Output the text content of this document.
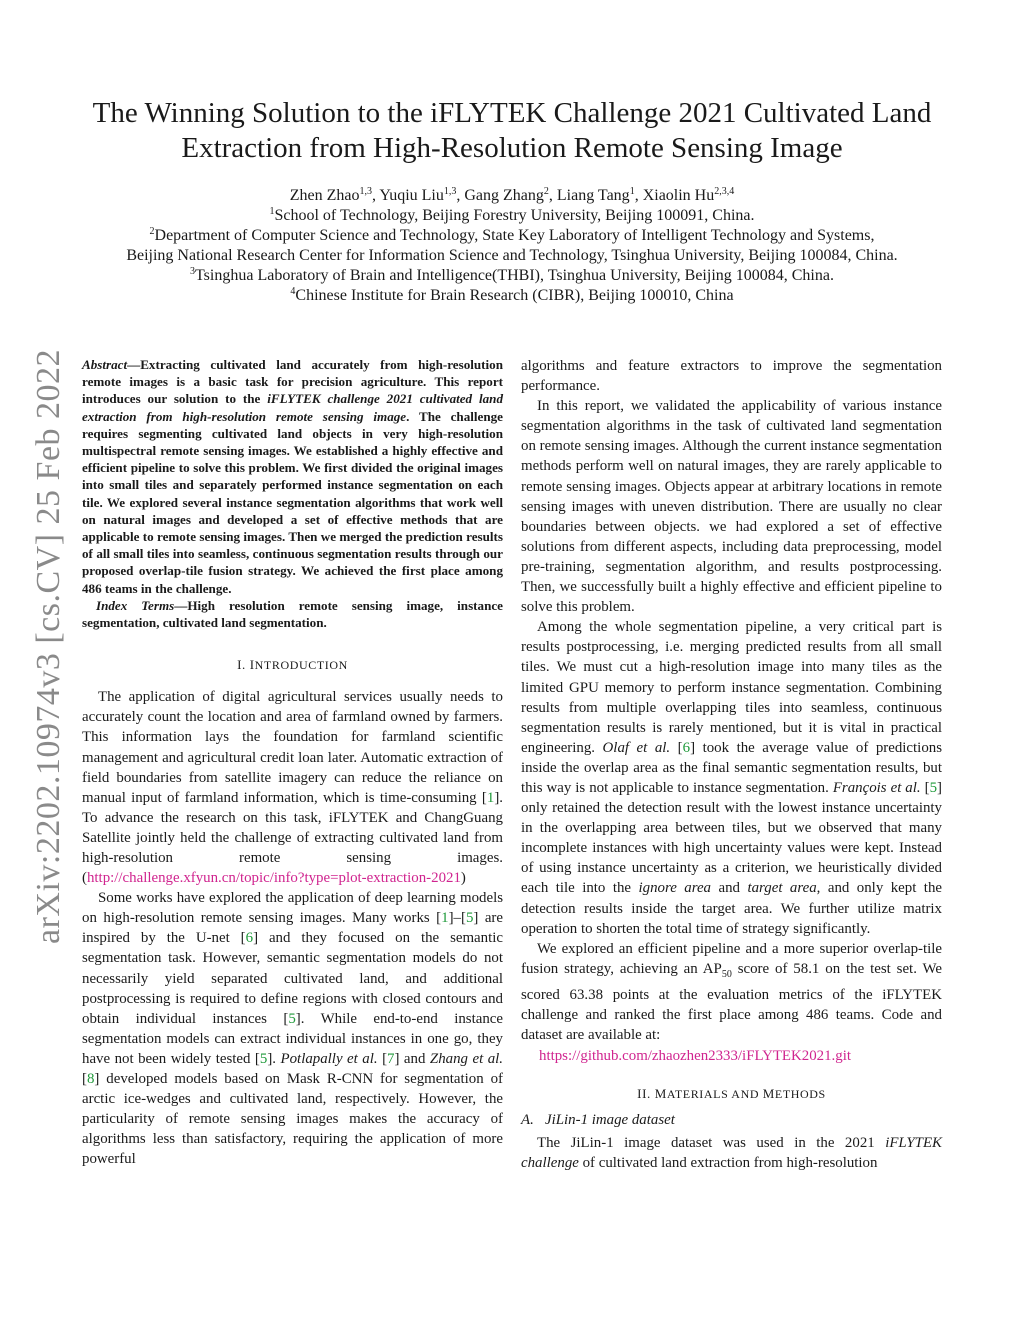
The Winning Solution to the iFLYTEK Challenge 2021 Cultivated Land
Extraction from High-Resolution Remote Sensing Image
Zhen Zhao$^{1,3}$, Yuqiu Liu$^{1,3}$, Gang Zhang$^2$, Liang Tang$^1$, Xiaolin Hu$^{2,3,4}$
$^1$School of Technology, Beijing Forestry University, Beijing 100091, China.
$^2$Department of Computer Science and Technology, State Key Laboratory of Intelligent Technology and Systems,
Beijing National Research Center for Information Science and Technology, Tsinghua University, Beijing 100084, China.
$^3$Tsinghua Laboratory of Brain and Intelligence(THBI), Tsinghua University, Beijing 100084, China.
$^4$Chinese Institute for Brain Research (CIBR), Beijing 100010, China
arXiv:2202.10974v3 [cs.CV] 25 Feb 2022 Abstract—Extracting cultivated land accurately from high-resolution remote images is a basic task for precision agriculture. This report introduces our solution to the iFLYTEK challenge 2021 cultivated land extraction from high-resolution remote sensing image. The challenge requires segmenting cultivated land objects in very high-resolution multispectral remote sensing images. We established a highly effective and efficient pipeline to solve this problem. We first divided the original images into small tiles and separately performed instance segmentation on each tile. We explored several instance segmentation algorithms that work well on natural images and developed a set of effective methods that are applicable to remote sensing images. Then we merged the prediction results of all small tiles into seamless, continuous segmentation results through our proposed overlap-tile fusion strategy. We achieved the first place among 486 teams in the challenge.

Index Terms—High resolution remote sensing image, instance segmentation, cultivated land segmentation.

I. INTRODUCTION

The application of digital agricultural services usually needs to accurately count the location and area of farmland owned by farmers. This information lays the foundation for farmland scientific management and agricultural credit loan later. Automatic extraction of field boundaries from satellite imagery can reduce the reliance on manual input of farmland information, which is time-consuming [1]. To advance the research on this task, iFLYTEK and ChangGuang Satellite jointly held the challenge of extracting cultivated land from high-resolution remote sensing images. (http://challenge.xfyun.cn/topic/info?type=plot-extraction-2021)

Some works have explored the application of deep learning models on high-resolution remote sensing images. Many works [1]–[5] are inspired by the U-net [6] and they focused on the semantic segmentation task. However, semantic segmentation models do not necessarily yield separated cultivated land, and additional postprocessing is required to define regions with closed contours and obtain individual instances [5]. While end-to-end instance segmentation models can extract individual instances in one go, they have not been widely tested [5]. Potlapally et al. [7] and Zhang et al. [8] developed models based on Mask R-CNN for segmentation of arctic ice-wedges and cultivated land, respectively. However, the particularity of remote sensing images makes the accuracy of algorithms less than satisfactory, requiring the application of more powerful

algorithms and feature extractors to improve the segmentation performance.

In this report, we validated the applicability of various instance segmentation algorithms in the task of cultivated land segmentation on remote sensing images. Although the current instance segmentation methods perform well on natural images, they are rarely applicable to remote sensing images. Objects appear at arbitrary locations in remote sensing images with uneven distribution. There are usually no clear boundaries between objects. we had explored a set of effective solutions from different aspects, including data preprocessing, model pre-training, segmentation algorithm, and results postprocessing. Then, we successfully built a highly effective and efficient pipeline to solve this problem.

Among the whole segmentation pipeline, a very critical part is results postprocessing, i.e. merging predicted results from all small tiles. We must cut a high-resolution image into many tiles as the limited GPU memory to perform instance segmentation. Combining results from multiple overlapping tiles into seamless, continuous segmentation results is rarely mentioned, but it is vital in practical engineering. Olaf et al. [6] took the average value of predictions inside the overlap area as the final semantic segmentation results, but this way is not applicable to instance segmentation. François et al. [5] only retained the detection result with the lowest instance uncertainty in the overlapping area between tiles, but we observed that many incomplete instances with high uncertainty values were kept. Instead of using instance uncertainty as a criterion, we heuristically divided each tile into the ignore area and target area, and only kept the detection results inside the target area. We further utilize matrix operation to shorten the total time of strategy significantly.

We explored an efficient pipeline and a more superior overlap-tile fusion strategy, achieving an $AP_{50}$ score of 58.1 on the test set. We scored 63.38 points at the evaluation metrics of the iFLYTEK challenge and ranked the first place among 486 teams. Code and dataset are available at:

https://github.com/zhaozhen2333/iFLYTEK2021.git
II. MATERIALS AND METHODS
A. JiLin-1 image dataset

The JiLin-1 image dataset was used in the 2021 iFLYTEK challenge of cultivated land extraction from high-resolution
